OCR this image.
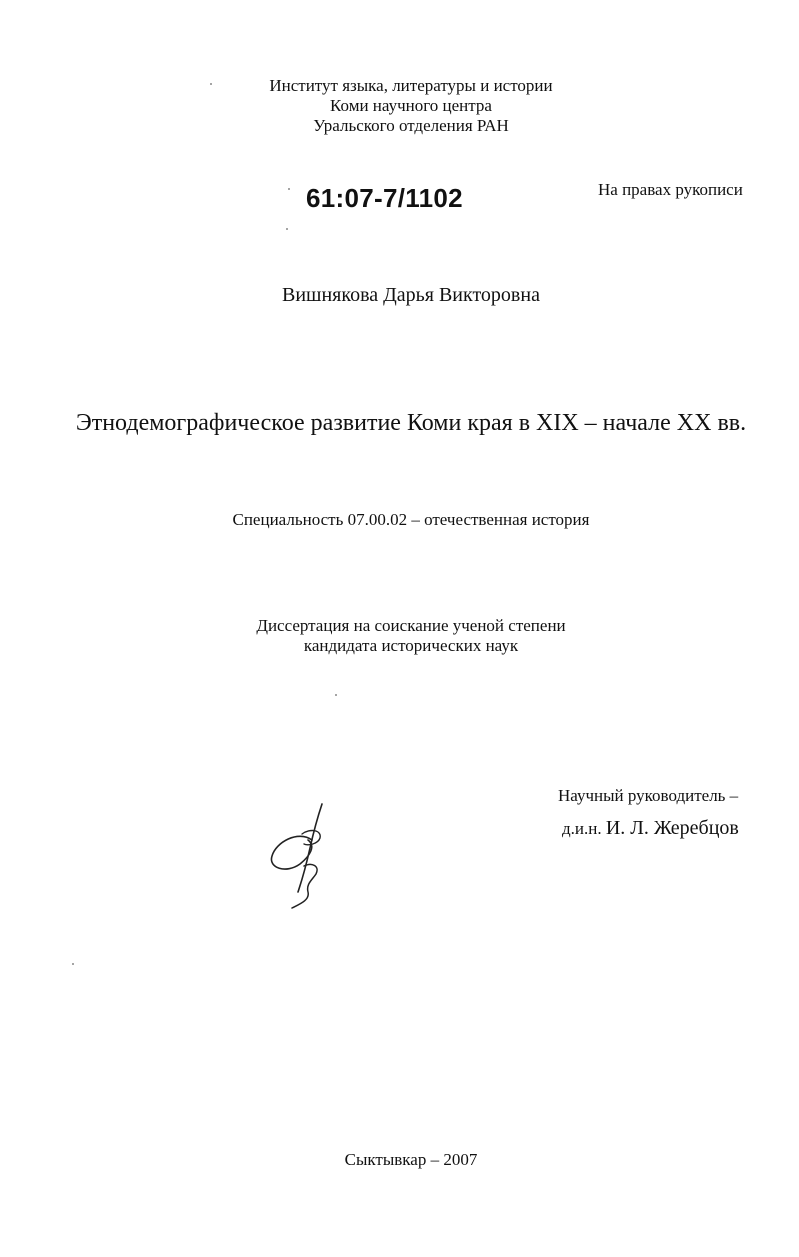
Институт языка, литературы и истории
Коми научного центра
Уральского отделения РАН
61:07-7/1102	На правах рукописи
Вишнякова Дарья Викторовна
Этнодемографическое развитие Коми края в XIX – начале XX вв.
Специальность 07.00.02 – отечественная история
Диссертация на соискание ученой степени
кандидата исторических наук
Научный руководитель –
д.и.н. И. Л. Жеребцов
Сыктывкар – 2007
